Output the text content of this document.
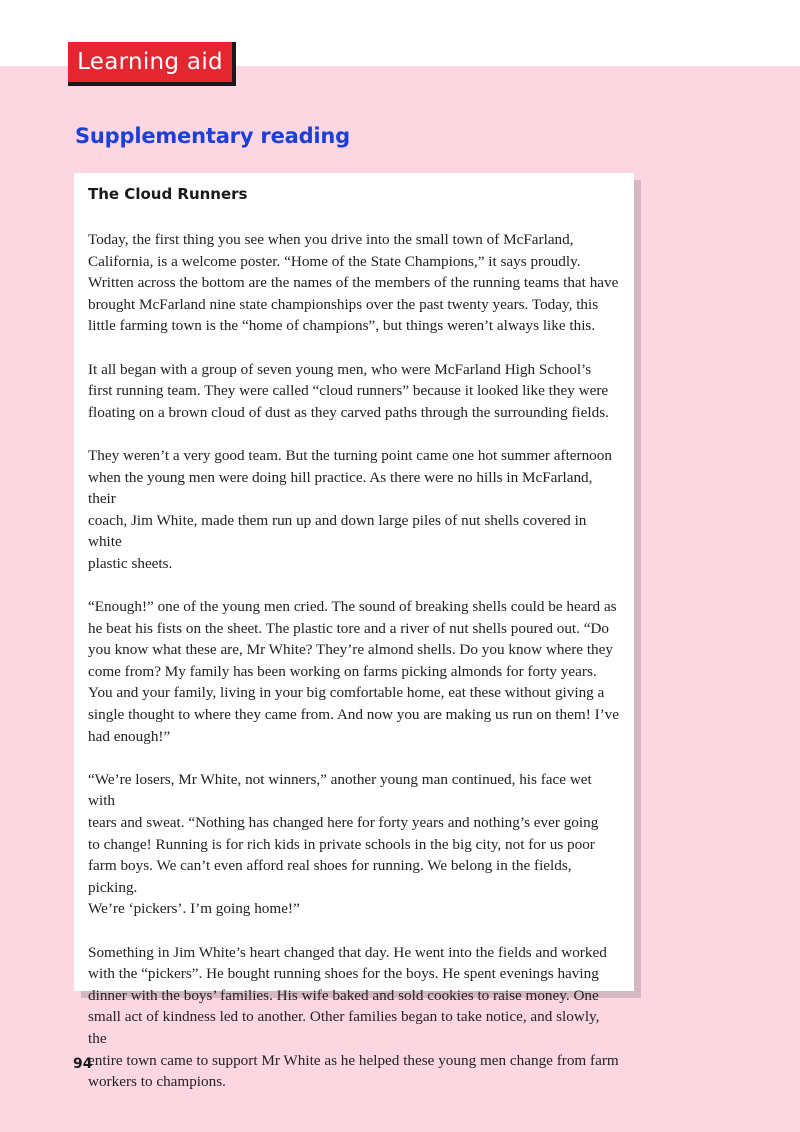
Learning aid
Supplementary reading
The Cloud Runners

Today, the first thing you see when you drive into the small town of McFarland,
California, is a welcome poster. “Home of the State Champions,” it says proudly.
Written across the bottom are the names of the members of the running teams that have
brought McFarland nine state championships over the past twenty years. Today, this
little farming town is the “home of champions”, but things weren’t always like this.

It all began with a group of seven young men, who were McFarland High School’s
first running team. They were called “cloud runners” because it looked like they were
floating on a brown cloud of dust as they carved paths through the surrounding fields.

They weren’t a very good team. But the turning point came one hot summer afternoon
when the young men were doing hill practice. As there were no hills in McFarland, their
coach, Jim White, made them run up and down large piles of nut shells covered in white
plastic sheets.

“Enough!” one of the young men cried. The sound of breaking shells could be heard as
he beat his fists on the sheet. The plastic tore and a river of nut shells poured out. “Do
you know what these are, Mr White? They’re almond shells. Do you know where they
come from? My family has been working on farms picking almonds for forty years.
You and your family, living in your big comfortable home, eat these without giving a
single thought to where they came from. And now you are making us run on them! I’ve
had enough!”

“We’re losers, Mr White, not winners,” another young man continued, his face wet with
tears and sweat. “Nothing has changed here for forty years and nothing’s ever going
to change! Running is for rich kids in private schools in the big city, not for us poor
farm boys. We can’t even afford real shoes for running. We belong in the fields, picking.
We’re ‘pickers’. I’m going home!”

Something in Jim White’s heart changed that day. He went into the fields and worked
with the “pickers”. He bought running shoes for the boys. He spent evenings having
dinner with the boys’ families. His wife baked and sold cookies to raise money. One
small act of kindness led to another. Other families began to take notice, and slowly, the
entire town came to support Mr White as he helped these young men change from farm
workers to champions.

94
